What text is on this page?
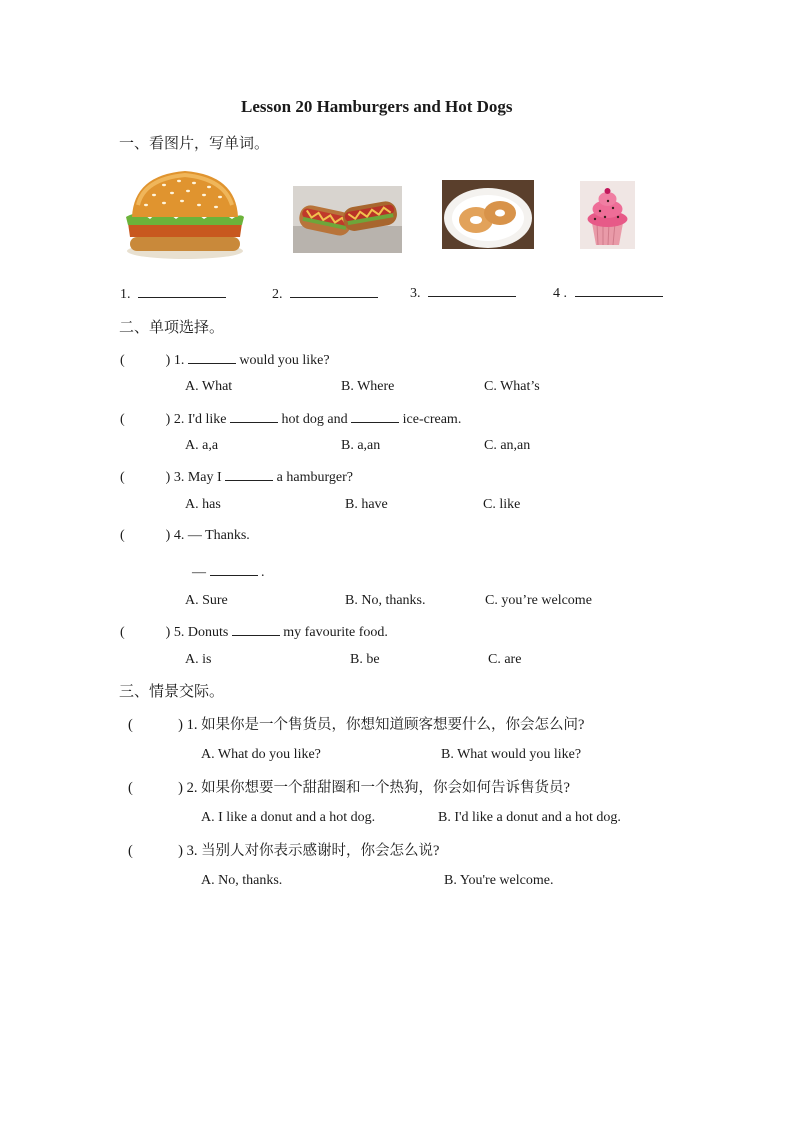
Lesson 20 Hamburgers and Hot Dogs
一、看图片，写单词。
1.	2.	3.	4 .
二、单项选择。
(	) 1.	would you like?
A. What	B. Where	C. What’s
(	) 2. I'd like	hot dog and	ice-cream.
A. a,a	B. a,an	C. an,an
(	) 3. May I	a hamburger?
A. has	B. have	C. like
(	) 4. — Thanks.
—	.
A. Sure	B. No, thanks.	C. you’re welcome
(	) 5. Donuts	my favourite food.
A. is	B. be	C. are
三、情景交际。
(	) 1. 如果你是一个售货员，你想知道顾客想要什么，你会怎么问?
A. What do you like?	B. What would you like?
(	) 2. 如果你想要一个甜甜圈和一个热狗，你会如何告诉售货员?
A. I like a donut and a hot dog.	B. I'd like a donut and a hot dog.
(	) 3. 当别人对你表示感谢时，你会怎么说?
A. No, thanks.	B. You're welcome.
